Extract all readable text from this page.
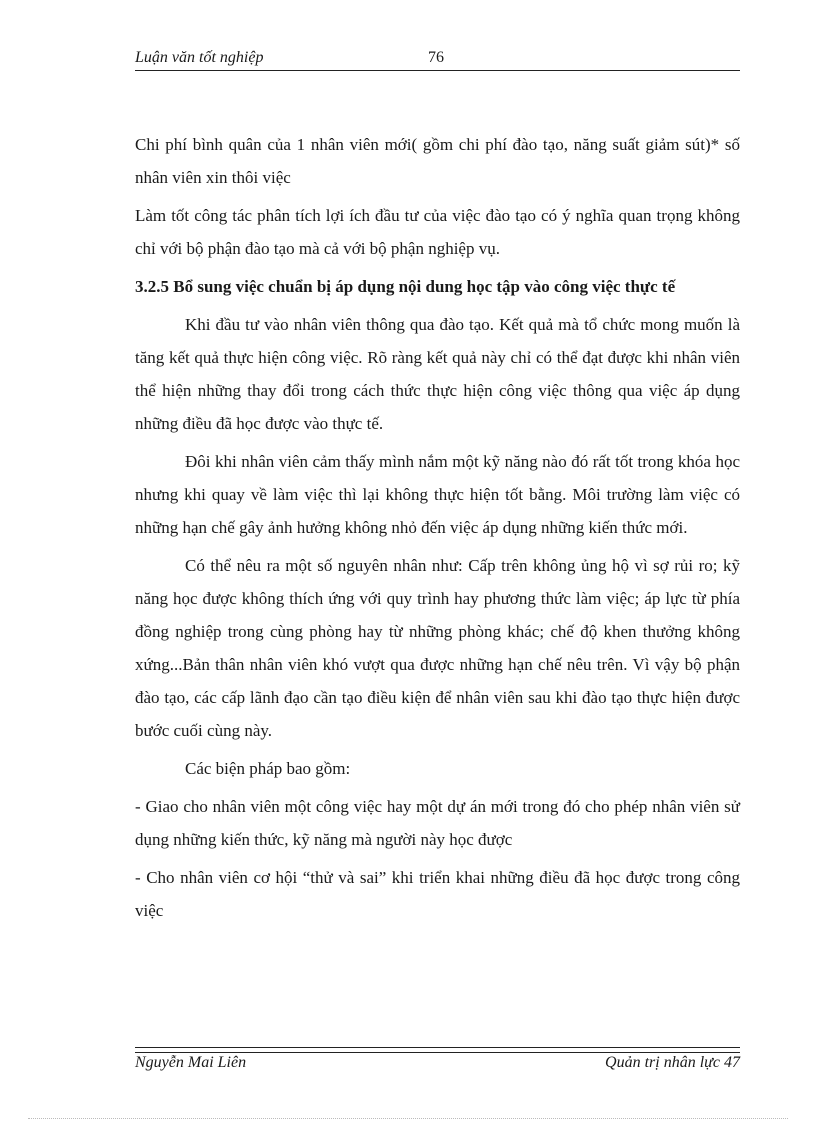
Luận văn tốt nghiệp	76

Chi phí bình quân của 1 nhân viên mới( gồm chi phí đào tạo, năng suất giảm sút)* số nhân viên xin thôi việc

Làm tốt công tác phân tích lợi ích đầu tư của việc đào tạo có ý nghĩa quan trọng không chỉ với bộ phận đào tạo mà cả với bộ phận nghiệp vụ.

3.2.5 Bổ sung việc chuẩn bị áp dụng nội dung học tập vào công việc thực tế

Khi đầu tư vào nhân viên thông qua đào tạo. Kết quả mà tổ chức mong muốn là tăng kết quả thực hiện công việc. Rõ ràng kết quả này chỉ có thể đạt được khi nhân viên thể hiện những thay đổi trong cách thức thực hiện công việc thông qua việc áp dụng những điều đã học được vào thực tế.

Đôi khi nhân viên cảm thấy mình nắm một kỹ năng nào đó rất tốt trong khóa học nhưng khi quay về làm việc thì lại không thực hiện tốt bằng. Môi trường làm việc có những hạn chế gây ảnh hưởng không nhỏ đến việc áp dụng những kiến thức mới.

Có thể nêu ra một số nguyên nhân như: Cấp trên không ủng hộ vì sợ rủi ro; kỹ năng học được không thích ứng với quy trình hay phương thức làm việc; áp lực từ phía đồng nghiệp trong cùng phòng hay từ những phòng khác; chế độ khen thưởng không xứng...Bản thân nhân viên khó vượt qua được những hạn chế nêu trên. Vì vậy bộ phận đào tạo, các cấp lãnh đạo cần tạo điều kiện để nhân viên sau khi đào tạo thực hiện được bước cuối cùng này.

Các biện pháp bao gồm:

- Giao cho nhân viên một công việc hay một dự án mới trong đó cho phép nhân viên sử dụng những kiến thức, kỹ năng mà người này học được

- Cho nhân viên cơ hội “thử và sai” khi triển khai những điều đã học được trong công việc

Nguyễn Mai Liên	Quản trị nhân lực 47
